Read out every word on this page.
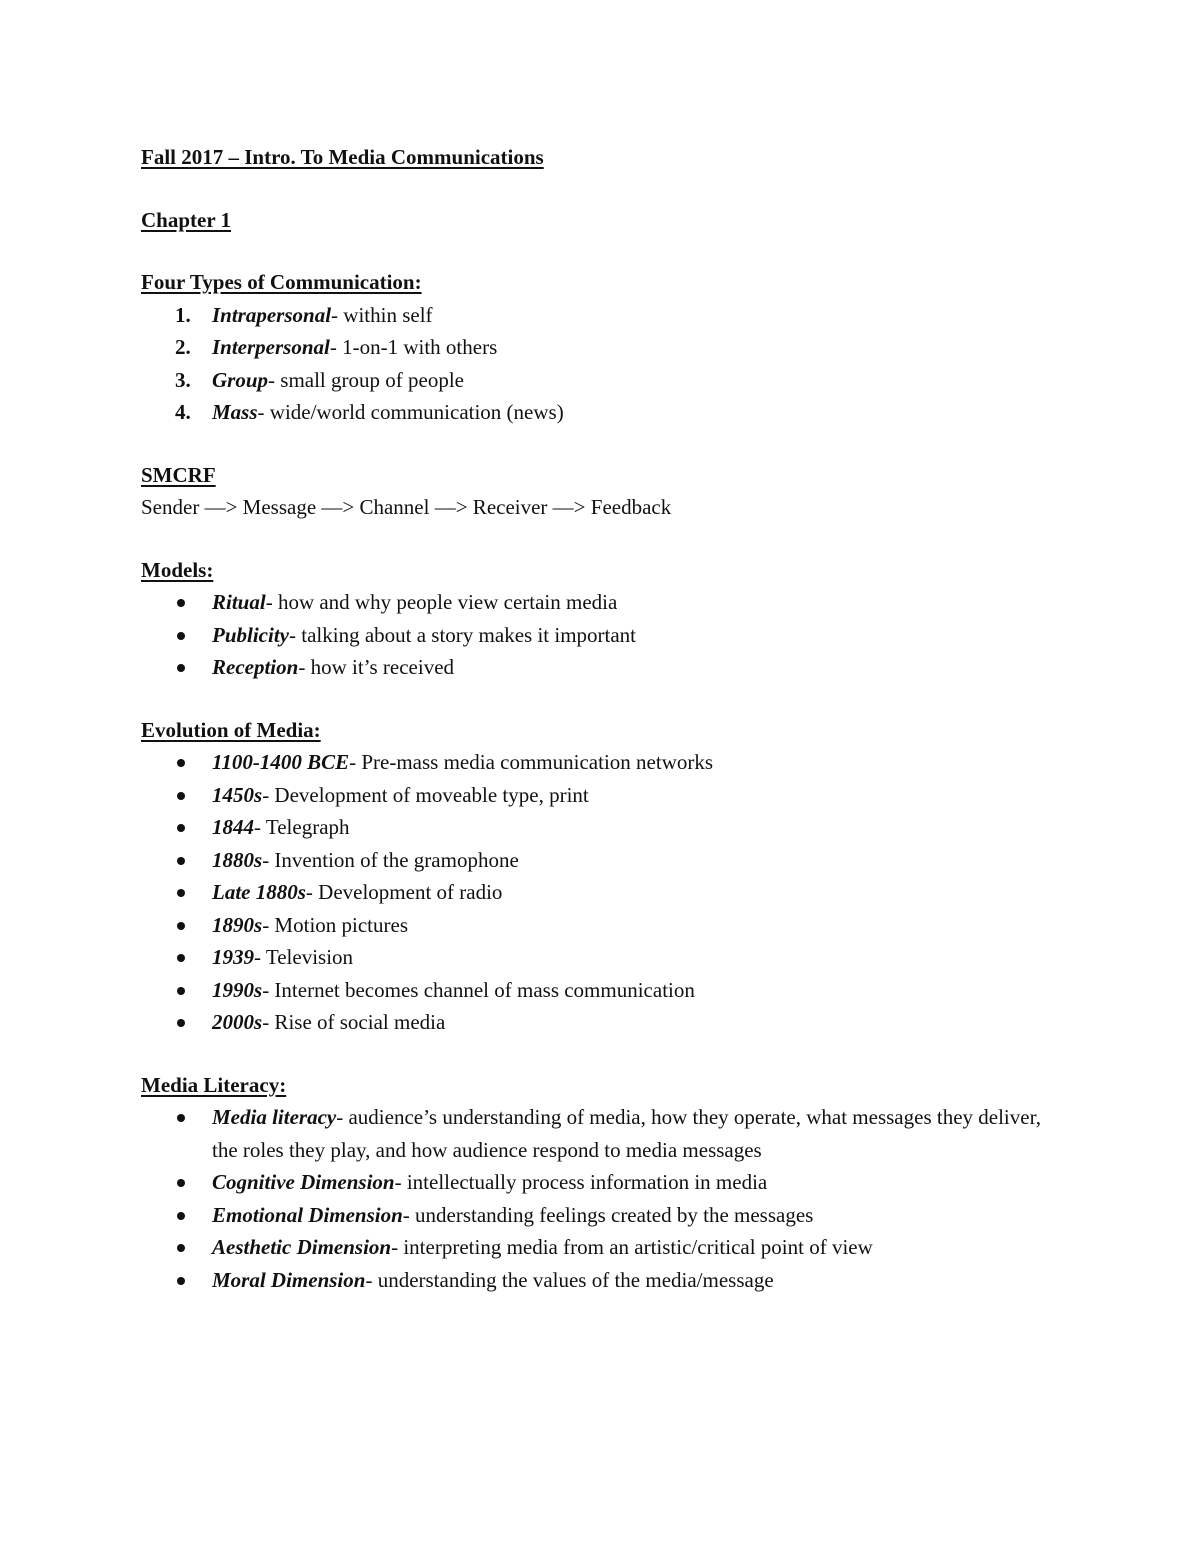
Fall 2017 – Intro. To Media Communications

Chapter 1

Four Types of Communication:

1. Intrapersonal- within self
2. Interpersonal- 1-on-1 with others
3. Group- small group of people
4. Mass- wide/world communication (news)

SMCRF

Sender —> Message —> Channel —> Receiver —> Feedback

Models:

Ritual- how and why people view certain media
Publicity- talking about a story makes it important
Reception- how it’s received

Evolution of Media:

1100-1400 BCE- Pre-mass media communication networks
1450s- Development of moveable type, print
1844- Telegraph
1880s- Invention of the gramophone
Late 1880s- Development of radio
1890s- Motion pictures
1939- Television
1990s- Internet becomes channel of mass communication
2000s- Rise of social media

Media Literacy:

Media literacy- audience’s understanding of media, how they operate, what messages they deliver, the roles they play, and how audience respond to media messages
Cognitive Dimension- intellectually process information in media
Emotional Dimension- understanding feelings created by the messages
Aesthetic Dimension- interpreting media from an artistic/critical point of view
Moral Dimension- understanding the values of the media/message
